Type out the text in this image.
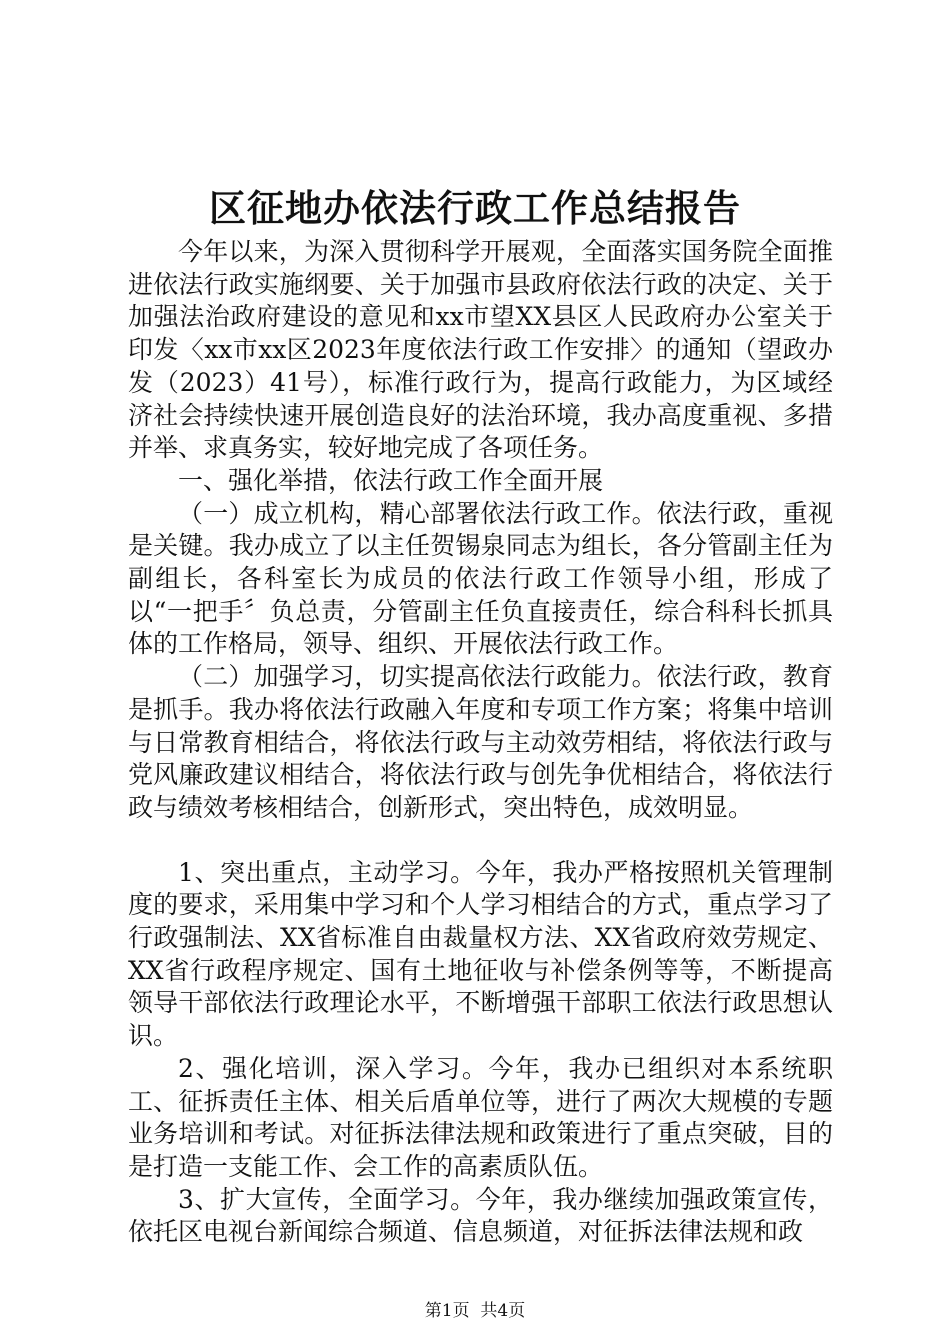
区征地办依法行政工作总结报告

今年以来，为深入贯彻科学开展观，全面落实国务院全面推进依法行政实施纲要、关于加强市县政府依法行政的决定、关于加强法治政府建设的意见和xx市望XX县区人民政府办公室关于印发〈xx市xx区2023年度依法行政工作安排〉的通知（望政办发（2023）41号），标准行政行为，提高行政能力，为区域经济社会持续快速开展创造良好的法治环境，我办高度重视、多措并举、求真务实，较好地完成了各项任务。

一、强化举措，依法行政工作全面开展

（一）成立机构，精心部署依法行政工作。依法行政，重视是关键。我办成立了以主任贺锡泉同志为组长，各分管副主任为副组长，各科室长为成员的依法行政工作领导小组，形成了以“一把手〞负总责，分管副主任负直接责任，综合科科长抓具体的工作格局，领导、组织、开展依法行政工作。

（二）加强学习，切实提高依法行政能力。依法行政，教育是抓手。我办将依法行政融入年度和专项工作方案；将集中培训与日常教育相结合，将依法行政与主动效劳相结，将依法行政与党风廉政建议相结合，将依法行政与创先争优相结合，将依法行政与绩效考核相结合，创新形式，突出特色，成效明显。

1、突出重点，主动学习。今年，我办严格按照机关管理制度的要求，采用集中学习和个人学习相结合的方式，重点学习了行政强制法、XX省标准自由裁量权方法、XX省政府效劳规定、XX省行政程序规定、国有土地征收与补偿条例等等，不断提高领导干部依法行政理论水平，不断增强干部职工依法行政思想认识。

2、强化培训，深入学习。今年，我办已组织对本系统职工、征拆责任主体、相关后盾单位等，进行了两次大规模的专题业务培训和考试。对征拆法律法规和政策进行了重点突破，目的是打造一支能工作、会工作的高素质队伍。

3、扩大宣传，全面学习。今年，我办继续加强政策宣传，依托区电视台新闻综合频道、信息频道，对征拆法律法规和政

第1页 共4页
